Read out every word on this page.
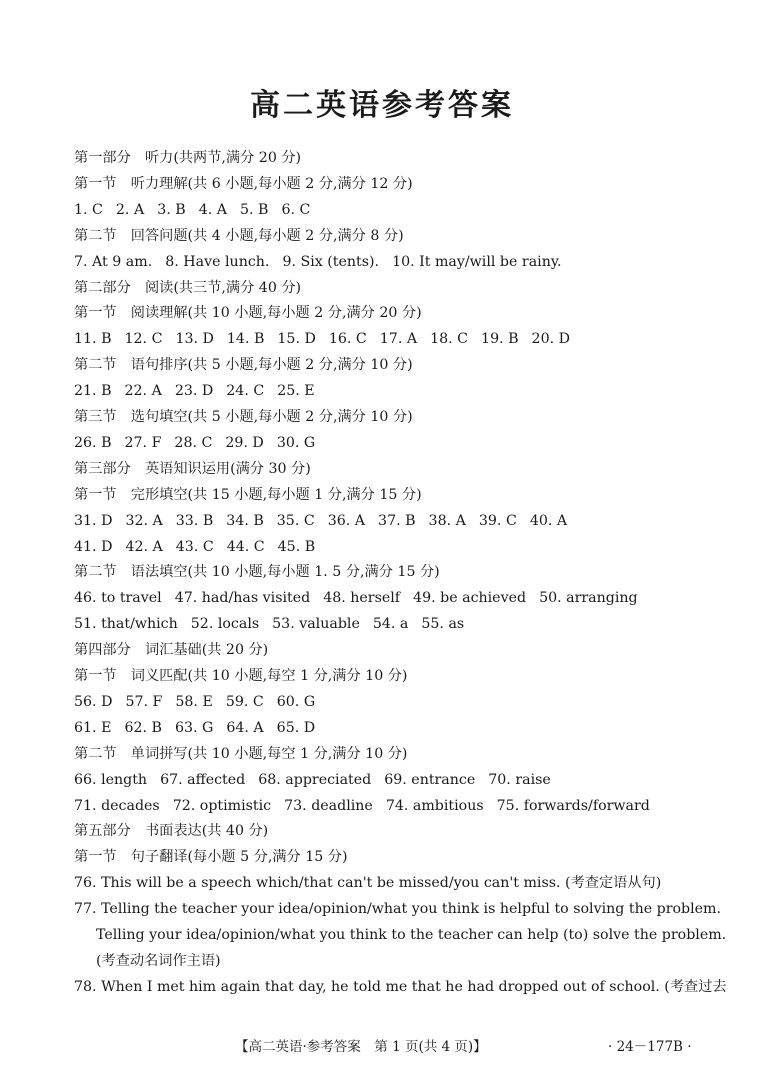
高二英语参考答案
第一部分　听力(共两节,满分 20 分)
第一节　听力理解(共 6 小题,每小题 2 分,满分 12 分)
1. C 2. A 3. B 4. A 5. B 6. C
第二节　回答问题(共 4 小题,每小题 2 分,满分 8 分)
7. At 9 am. 8. Have lunch. 9. Six (tents). 10. It may/will be rainy.
第二部分　阅读(共三节,满分 40 分)
第一节　阅读理解(共 10 小题,每小题 2 分,满分 20 分)
11. B 12. C 13. D 14. B 15. D 16. C 17. A 18. C 19. B 20. D
第二节　语句排序(共 5 小题,每小题 2 分,满分 10 分)
21. B 22. A 23. D 24. C 25. E
第三节　选句填空(共 5 小题,每小题 2 分,满分 10 分)
26. B 27. F 28. C 29. D 30. G
第三部分　英语知识运用(满分 30 分)
第一节　完形填空(共 15 小题,每小题 1 分,满分 15 分)
31. D 32. A 33. B 34. B 35. C 36. A 37. B 38. A 39. C 40. A
41. D 42. A 43. C 44. C 45. B
第二节　语法填空(共 10 小题,每小题 1. 5 分,满分 15 分)
46. to travel 47. had/has visited 48. herself 49. be achieved 50. arranging
51. that/which 52. locals 53. valuable 54. a 55. as
第四部分　词汇基础(共 20 分)
第一节　词义匹配(共 10 小题,每空 1 分,满分 10 分)
56. D 57. F 58. E 59. C 60. G
61. E 62. B 63. G 64. A 65. D
第二节　单词拼写(共 10 小题,每空 1 分,满分 10 分)
66. length 67. affected 68. appreciated 69. entrance 70. raise
71. decades 72. optimistic 73. deadline 74. ambitious 75. forwards/forward
第五部分　书面表达(共 40 分)
第一节　句子翻译(每小题 5 分,满分 15 分)
76. This will be a speech which/that can't be missed/you can't miss. (考查定语从句)
77. Telling the teacher your idea/opinion/what you think is helpful to solving the problem.
Telling your idea/opinion/what you think to the teacher can help (to) solve the problem.
(考查动名词作主语)
78. When I met him again that day, he told me that he had dropped out of school. (考查过去
【高二英语·参考答案　第 1 页(共 4 页)】	· 24－177B ·
